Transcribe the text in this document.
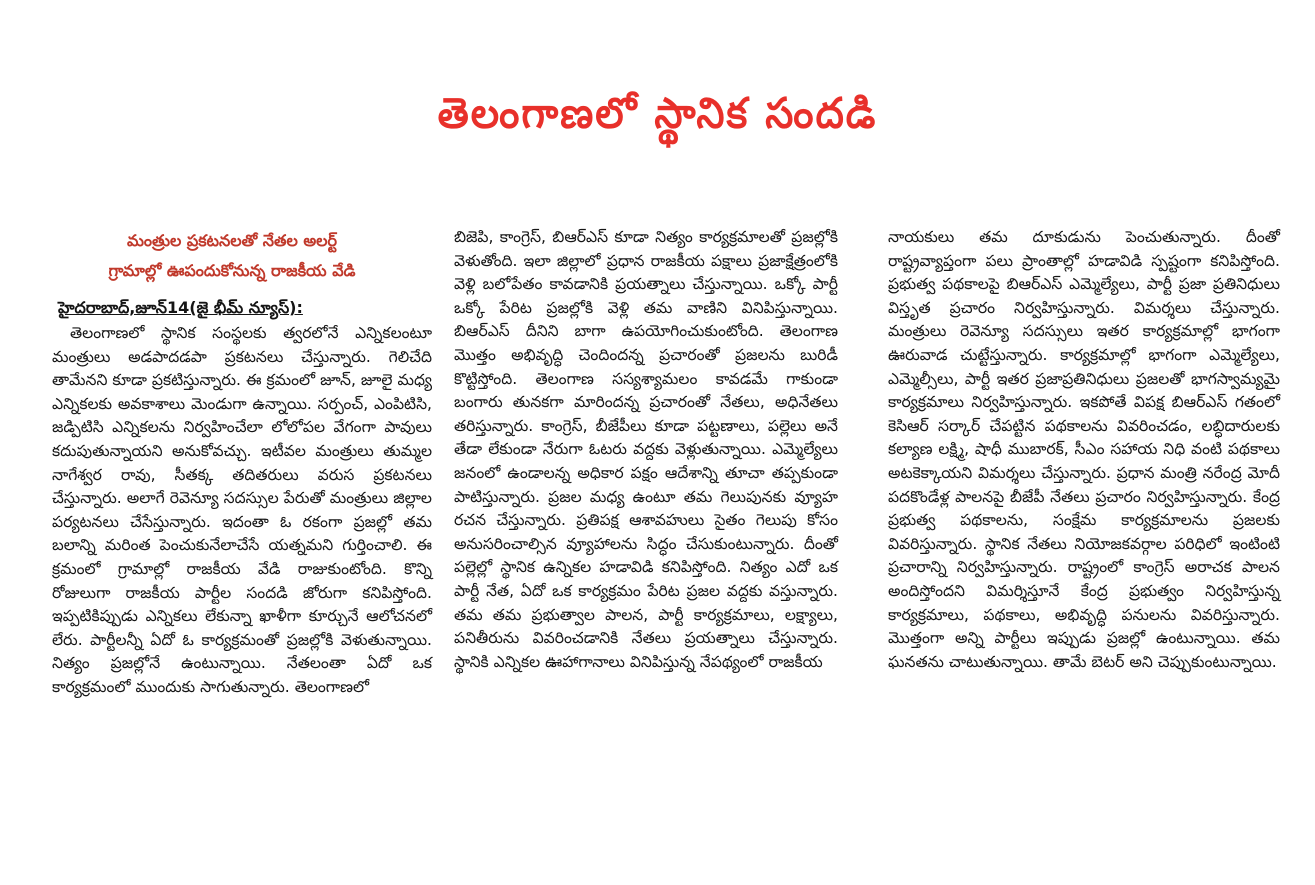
తెలంగాణలో స్థానిక సందడి
మంత్రుల ప్రకటనలతో నేతల అలర్ట్
గ్రామాల్లో ఊపందుకోనున్న రాజకీయ వేడి
హైదరాబాద్,జూన్14(జై భీమ్ న్యూస్):

తెలంగాణలో స్థానిక సంస్థలకు త్వరలోనే ఎన్నికలంటూ మంత్రులు అడపాదడపా ప్రకటనలు చేస్తున్నారు. గెలిచేది తామేనని కూడా ప్రకటిస్తున్నారు. ఈ క్రమంలో జూన్, జూలై మధ్య ఎన్నికలకు అవకాశాలు మెండుగా ఉన్నాయి. సర్పంచ్, ఎంపిటిసి, జడ్పిటిసి ఎన్నికలను నిర్వహించేలా లోలోపల వేగంగా పావులు కదుపుతున్నాయని అనుకోవచ్చు. ఇటీవల మంత్రులు తుమ్మల నాగేశ్వర రావు, సీతక్క తదితరులు వరుస ప్రకటనలు చేస్తున్నారు. అలాగే రెవెన్యూ సదస్సుల పేరుతో మంత్రులు జిల్లాల పర్యటనలు చేసేస్తున్నారు. ఇదంతా ఓ రకంగా ప్రజల్లో తమ బలాన్ని మరింత పెంచుకునేలాచేసే యత్నమని గుర్తించాలి. ఈ క్రమంలో గ్రామాల్లో రాజకీయ వేడి రాజుకుంటోంది. కొన్ని రోజులుగా రాజకీయ పార్టీల సందడి జోరుగా కనిపిస్తోంది. ఇప్పటికిప్పుడు ఎన్నికలు లేకున్నా ఖాళీగా కూర్చునే ఆలోచనలో లేరు. పార్టీలన్నీ ఏదో ఓ కార్యక్రమంతో ప్రజల్లోకి వెళుతున్నాయి. నిత్యం ప్రజల్లోనే ఉంటున్నాయి. నేతలంతా ఏదో ఒక కార్యక్రమంలో ముందుకు సాగుతున్నారు. తెలంగాణలో

బిజెపి, కాంగ్రెస్, బిఆర్ఎస్ కూడా నిత్యం కార్యక్రమాలతో ప్రజల్లోకి వెళుతోంది. ఇలా జిల్లాలో ప్రధాన రాజకీయ పక్షాలు ప్రజాక్షేత్రంలోకి వెళ్లి బలోపేతం కావడానికి ప్రయత్నాలు చేస్తున్నాయి. ఒక్కో పార్టీ ఒక్కో పేరిట ప్రజల్లోకి వెళ్లి తమ వాణిని వినిపిస్తున్నాయి. బిఆర్ఎస్ దీనిని బాగా ఉపయోగించుకుంటోంది. తెలంగాణ మొత్తం అభివృద్ధి చెందిందన్న ప్రచారంతో ప్రజలను బురిడీ కొట్టిస్తోంది. తెలంగాణ సస్యశ్యామలం కావడమే గాకుండా బంగారు తునకగా మారిందన్న ప్రచారంతో నేతలు, అధినేతలు తరిస్తున్నారు. కాంగ్రెస్, బీజేపీలు కూడా పట్టణాలు, పల్లెలు అనే తేడా లేకుండా నేరుగా ఓటరు వద్దకు వెళ్లుతున్నాయి. ఎమ్మెల్యేలు జనంలో ఉండాలన్న అధికార పక్షం ఆదేశాన్ని తూచా తప్పకుండా పాటిస్తున్నారు. ప్రజల మధ్య ఉంటూ తమ గెలుపునకు వ్యూహ రచన చేస్తున్నారు. ప్రతిపక్ష ఆశావహులు సైతం గెలుపు కోసం అనుసరించాల్సిన వ్యూహాలను సిద్ధం చేసుకుంటున్నారు. దీంతో పల్లెల్లో స్థానిక ఉన్నికల హడావిడి కనిపిస్తోంది. నిత్యం ఎదో ఒక పార్టీ నేత, ఏదో ఒక కార్యక్రమం పేరిట ప్రజల వద్దకు వస్తున్నారు. తమ తమ ప్రభుత్వాల పాలన, పార్టీ కార్యక్రమాలు, లక్ష్యాలు, పనితీరును వివరించడానికి నేతలు ప్రయత్నాలు చేస్తున్నారు. స్థానికి ఎన్నికల ఊహాగానాలు వినిపిస్తున్న నేపథ్యంలో రాజకీయ

నాయకులు తమ దూకుడును పెంచుతున్నారు. దీంతో రాష్ట్రవ్యాప్తంగా పలు ప్రాంతాల్లో హడావిడి స్పష్టంగా కనిపిస్తోంది. ప్రభుత్వ పథకాలపై బిఆర్ఎస్ ఎమ్మెల్యేలు, పార్టీ ప్రజా ప్రతినిధులు విస్తృత ప్రచారం నిర్వహిస్తున్నారు. విమర్శలు చేస్తున్నారు. మంత్రులు రెవెన్యూ సదస్సులు ఇతర కార్యక్రమాల్లో భాగంగా ఊరువాడ చుట్టేస్తున్నారు. కార్యక్రమాల్లో భాగంగా ఎమ్మెల్యేలు, ఎమ్మెల్సీలు, పార్టీ ఇతర ప్రజాప్రతినిధులు ప్రజలతో భాగస్వామ్యమై కార్యక్రమాలు నిర్వహిస్తున్నారు. ఇకపోతే విపక్ష బిఆర్ఎస్ గతంలో కెసిఆర్ సర్కార్ చేపట్టిన పథకాలను వివరించడం, లబ్ధిదారులకు కల్యాణ లక్ష్మి, షాధీ ముబారక్, సీఎం సహాయ నిధి వంటి పథకాలు అటకెక్కాయని విమర్శలు చేస్తున్నారు. ప్రధాన మంత్రి నరేంద్ర మోదీ పదకొండేళ్ల పాలనపై బీజేపీ నేతలు ప్రచారం నిర్వహిస్తున్నారు. కేంద్ర ప్రభుత్వ పథకాలను, సంక్షేమ కార్యక్రమాలను ప్రజలకు వివరిస్తున్నారు. స్థానిక నేతలు నియోజకవర్గాల పరిధిలో ఇంటింటి ప్రచారాన్ని నిర్వహిస్తున్నారు. రాష్ట్రంలో కాంగ్రెస్ అరాచక పాలన అందిస్తోందని విమర్శిస్తూనే కేంద్ర ప్రభుత్వం నిర్వహిస్తున్న కార్యక్రమాలు, పథకాలు, అభివృద్ధి పనులను వివరిస్తున్నారు. మొత్తంగా అన్ని పార్టీలు ఇప్పుడు ప్రజల్లో ఉంటున్నాయి. తమ ఘనతను చాటుతున్నాయి. తామే బెటర్ అని చెప్పుకుంటున్నాయి.
